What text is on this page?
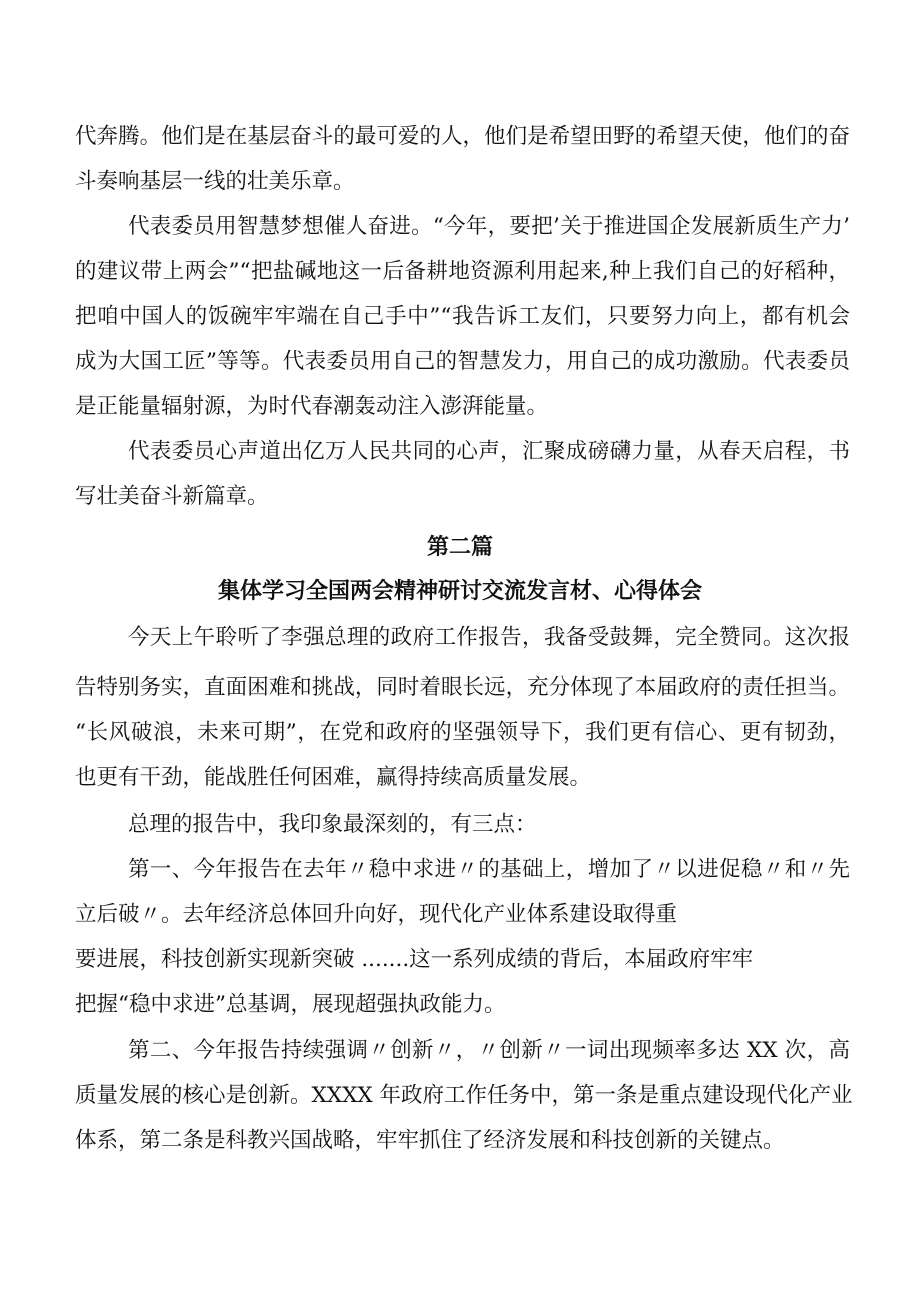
代奔腾。他们是在基层奋斗的最可爱的人，他们是希望田野的希望天使，他们的奋

斗奏响基层一线的壮美乐章。

代表委员用智慧梦想催人奋进。“今年，要把’关于推进国企发展新质生产力’

的建议带上两会”“把盐碱地这一后备耕地资源利用起来,种上我们自己的好稻种，

把咱中国人的饭碗牢牢端在自己手中”“我告诉工友们，只要努力向上，都有机会

成为大国工匠”等等。代表委员用自己的智慧发力，用自己的成功激励。代表委员

是正能量辐射源，为时代春潮轰动注入澎湃能量。

代表委员心声道出亿万人民共同的心声，汇聚成磅礴力量，从春天启程，书

写壮美奋斗新篇章。

第二篇
集体学习全国两会精神研讨交流发言材、心得体会

今天上午聆听了李强总理的政府工作报告，我备受鼓舞，完全赞同。这次报

告特别务实，直面困难和挑战，同时着眼长远，充分体现了本届政府的责任担当。

“长风破浪，未来可期”，在党和政府的坚强领导下，我们更有信心、更有韧劲，

也更有干劲，能战胜任何困难，赢得持续高质量发展。

总理的报告中，我印象最深刻的，有三点：

第一、今年报告在去年〃稳中求进〃的基础上，增加了〃以进促稳〃和〃先

立后破〃。去年经济总体回升向好，现代化产业体系建设取得重

要进展，科技创新实现新突破 .......这一系列成绩的背后，本届政府牢牢

把握“稳中求进”总基调，展现超强执政能力。

第二、今年报告持续强调〃创新〃，〃创新〃一词出现频率多达 XX 次，高

质量发展的核心是创新。XXXX 年政府工作任务中，第一条是重点建设现代化产业

体系，第二条是科教兴国战略，牢牢抓住了经济发展和科技创新的关键点。
